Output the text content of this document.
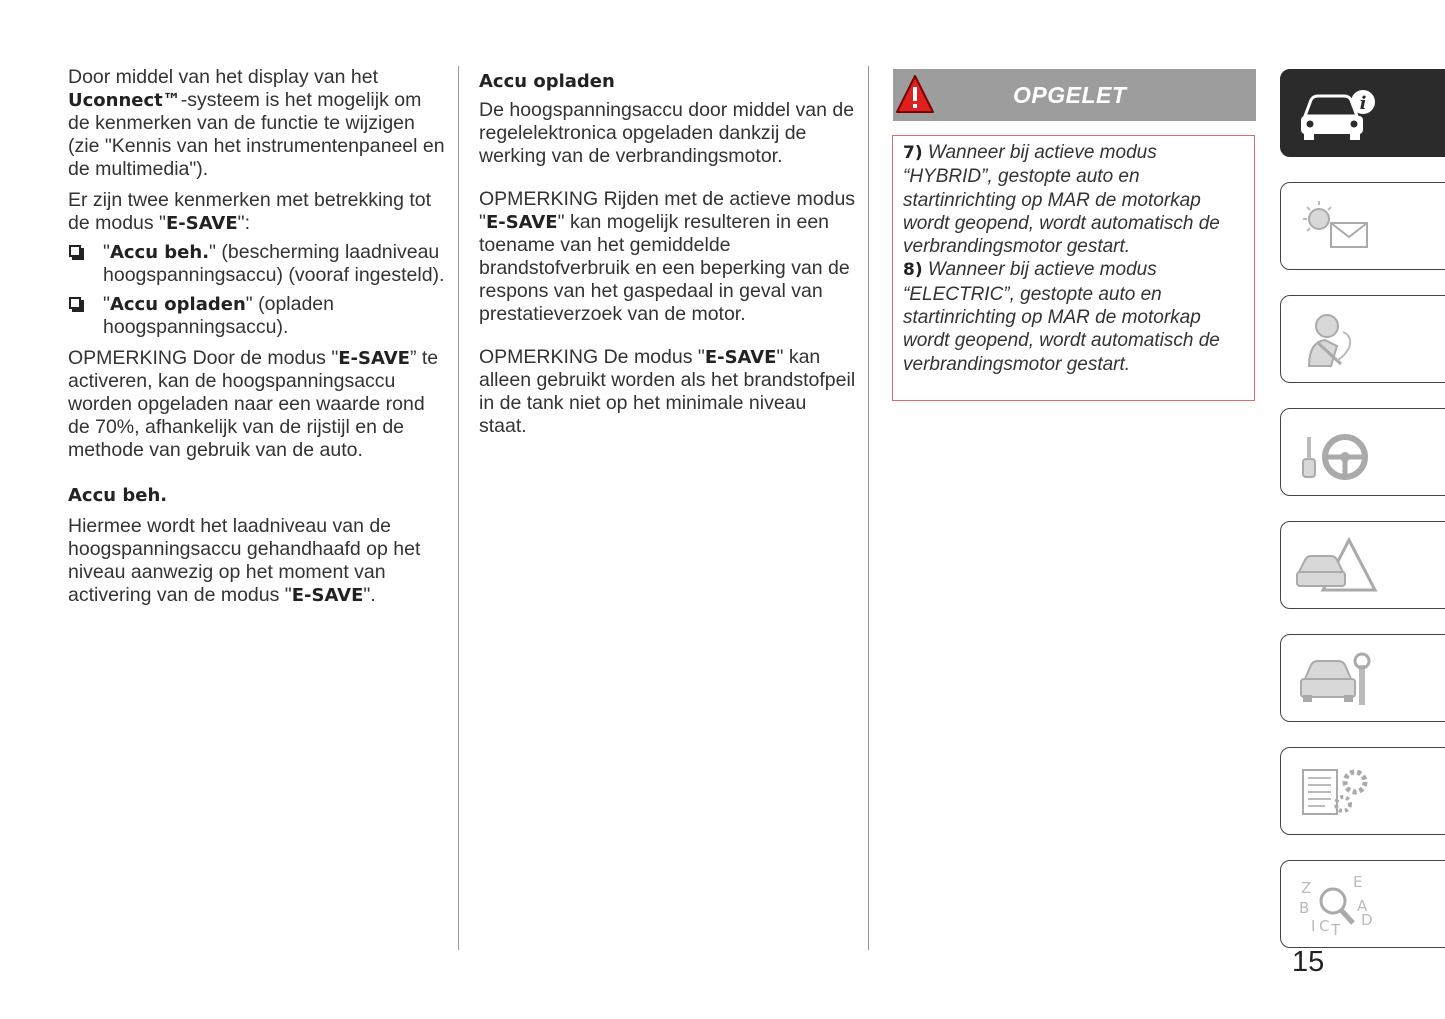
Door middel van het display van het Uconnect™-systeem is het mogelijk om de kenmerken van de functie te wijzigen (zie "Kennis van het instrumentenpaneel en de multimedia").

Er zijn twee kenmerken met betrekking tot de modus "E-SAVE":

"Accu beh." (bescherming laadniveau hoogspanningsaccu) (vooraf ingesteld).

"Accu opladen" (opladen hoogspanningsaccu).

OPMERKING Door de modus "E-SAVE” te activeren, kan de hoogspanningsaccu worden opgeladen naar een waarde rond de 70%, afhankelijk van de rijstijl en de methode van gebruik van de auto.

Accu beh.

Hiermee wordt het laadniveau van de hoogspanningsaccu gehandhaafd op het niveau aanwezig op het moment van activering van de modus "E-SAVE".

Accu opladen

De hoogspanningsaccu door middel van de regelelektronica opgeladen dankzij de werking van de verbrandingsmotor.

OPMERKING Rijden met de actieve modus "E-SAVE" kan mogelijk resulteren in een toename van het gemiddelde brandstofverbruik en een beperking van de respons van het gaspedaal in geval van prestatieverzoek van de motor.

OPMERKING De modus "E-SAVE" kan alleen gebruikt worden als het brandstofpeil in de tank niet op het minimale niveau staat.

OPGELET

7) Wanneer bij actieve modus “HYBRID”, gestopte auto en startinrichting op MAR de motorkap wordt geopend, wordt automatisch de verbrandingsmotor gestart.

8) Wanneer bij actieve modus “ELECTRIC”, gestopte auto en startinrichting op MAR de motorkap wordt geopend, wordt automatisch de verbrandingsmotor gestart.

i
Z	E
B	A
I C T
D
15
